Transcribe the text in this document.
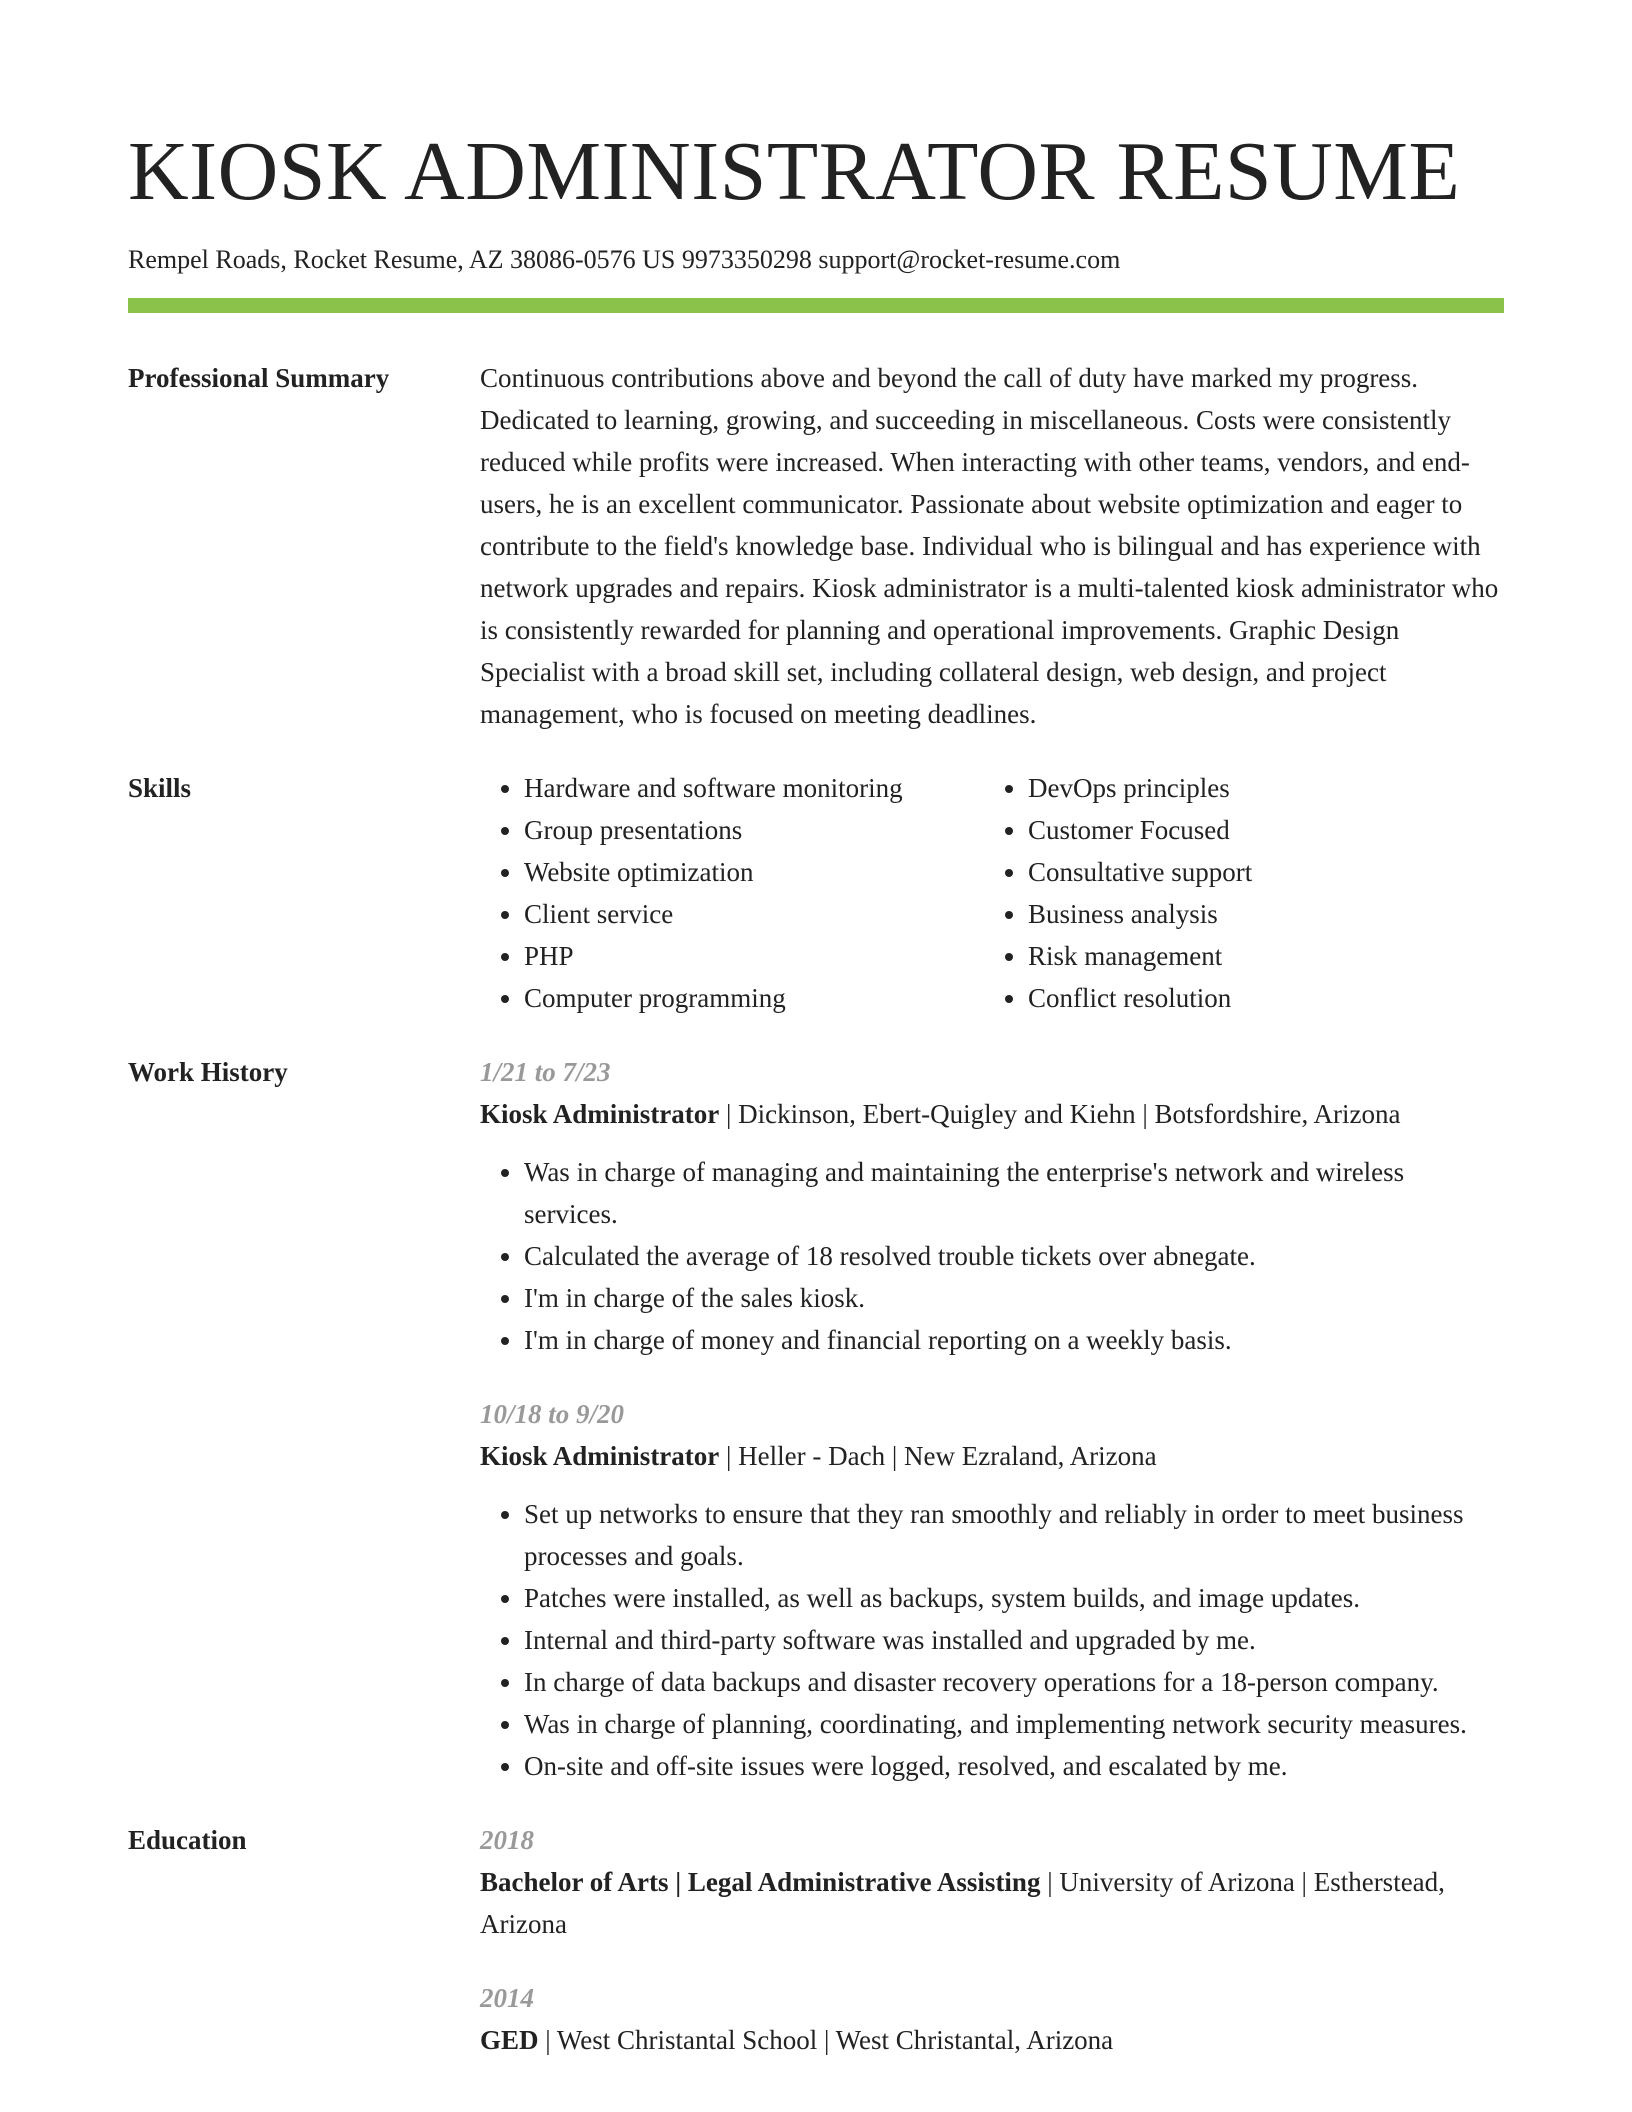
KIOSK ADMINISTRATOR RESUME
Rempel Roads, Rocket Resume, AZ 38086-0576 US 9973350298 support@rocket-resume.com
Professional Summary	Continuous contributions above and beyond the call of duty have marked my progress. Dedicated to learning, growing, and succeeding in miscellaneous. Costs were consistently reduced while profits were increased. When interacting with other teams, vendors, and end-users, he is an excellent communicator. Passionate about website optimization and eager to contribute to the field's knowledge base. Individual who is bilingual and has experience with network upgrades and repairs. Kiosk administrator is a multi-talented kiosk administrator who is consistently rewarded for planning and operational improvements. Graphic Design Specialist with a broad skill set, including collateral design, web design, and project management, who is focused on meeting deadlines.

Skills
•	Hardware and software monitoring
• Group presentations
• Website optimization
• Client service
• PHP
• Computer programming
• DevOps principles
• Customer Focused
• Consultative support
• Business analysis
• Risk management
• Conflict resolution
Work History	1/21 to 7/23
Kiosk Administrator | Dickinson, Ebert-Quigley and Kiehn | Botsfordshire, Arizona
• Was in charge of managing and maintaining the enterprise's network and wireless services.
• Calculated the average of 18 resolved trouble tickets over abnegate.
• I'm in charge of the sales kiosk.
• I'm in charge of money and financial reporting on a weekly basis.
10/18 to 9/20
Kiosk Administrator | Heller - Dach | New Ezraland, Arizona
• Set up networks to ensure that they ran smoothly and reliably in order to meet business processes and goals.
• Patches were installed, as well as backups, system builds, and image updates.
• Internal and third-party software was installed and upgraded by me.
• In charge of data backups and disaster recovery operations for a 18-person company.
• Was in charge of planning, coordinating, and implementing network security measures.
• On-site and off-site issues were logged, resolved, and escalated by me.
Education	2018
Bachelor of Arts | Legal Administrative Assisting | University of Arizona | Estherstead, Arizona
2014
GED | West Christantal School | West Christantal, Arizona
